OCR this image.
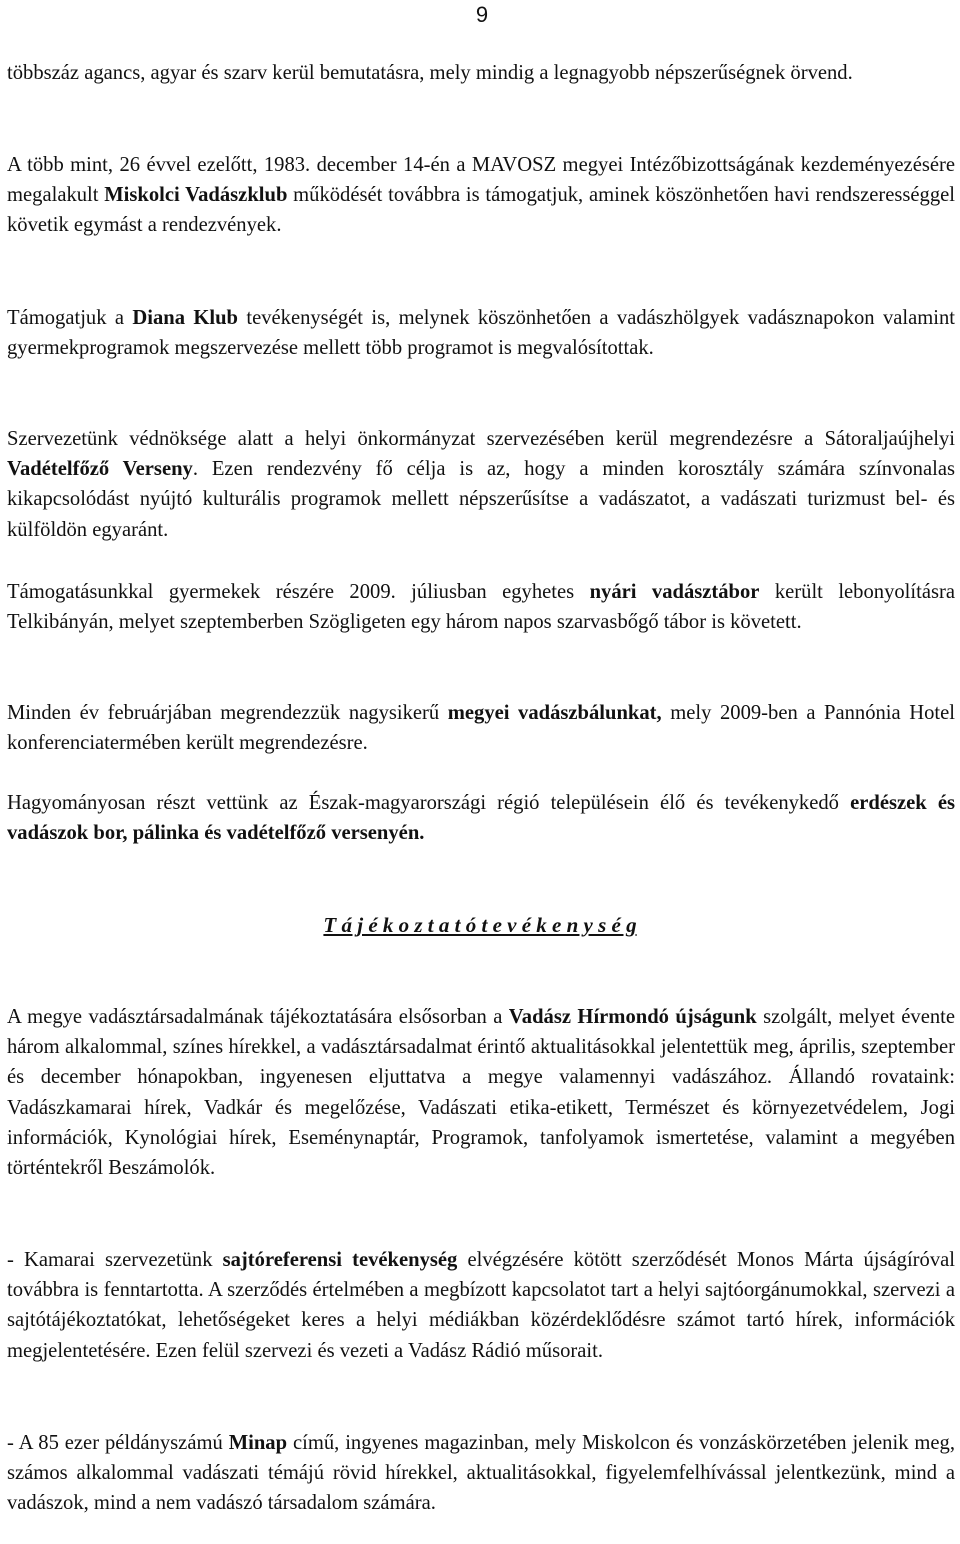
9

többszáz agancs, agyar és szarv kerül bemutatásra, mely mindig a legnagyobb népszerűségnek örvend.

A több mint, 26 évvel ezelőtt, 1983. december 14-én a MAVOSZ megyei Intézőbizottságának kezdeményezésére megalakult Miskolci Vadászklub működését továbbra is támogatjuk, aminek köszönhetően havi rendszerességgel követik egymást a rendezvények.

Támogatjuk a Diana Klub tevékenységét is, melynek köszönhetően a vadászhölgyek vadásznapokon valamint gyermekprogramok megszervezése mellett több programot is megvalósítottak.

Szervezetünk védnöksége alatt a helyi önkormányzat szervezésében kerül megrendezésre a Sátoraljaújhelyi Vadételfőző Verseny. Ezen rendezvény fő célja is az, hogy a minden korosztály számára színvonalas kikapcsolódást nyújtó kulturális programok mellett népszerűsítse a vadászatot, a vadászati turizmust bel- és külföldön egyaránt.

Támogatásunkkal gyermekek részére 2009. júliusban egyhetes nyári vadásztábor került lebonyolításra Telkibányán, melyet szeptemberben Szögligeten egy három napos szarvasbőgő tábor is követett.

Minden év februárjában megrendezzük nagysikerű megyei vadászbálunkat, mely 2009-ben a Pannónia Hotel konferenciatermében került megrendezésre.

Hagyományosan részt vettünk az Észak-magyarországi régió településein élő és tevékenykedő erdészek és vadászok bor, pálinka és vadételfőző versenyén.

T á j é k o z t a t ó t e v é k e n y s é g

A megye vadásztársadalmának tájékoztatására elsősorban a Vadász Hírmondó újságunk szolgált, melyet évente három alkalommal, színes hírekkel, a vadásztársadalmat érintő aktualitásokkal jelentettük meg, április, szeptember és december hónapokban, ingyenesen eljuttatva a megye valamennyi vadászához. Állandó rovataink: Vadászkamarai hírek, Vadkár és megelőzése, Vadászati etika-etikett, Természet és környezetvédelem, Jogi információk, Kynológiai hírek, Eseménynaptár, Programok, tanfolyamok ismertetése, valamint a megyében történtekről Beszámolók.

- Kamarai szervezetünk sajtóreferensi tevékenység elvégzésére kötött szerződését Monos Márta újságíróval továbbra is fenntartotta. A szerződés értelmében a megbízott kapcsolatot tart a helyi sajtóorgánumokkal, szervezi a sajtótájékoztatókat, lehetőségeket keres a helyi médiákban közérdeklődésre számot tartó hírek, információk megjelentetésére. Ezen felül szervezi és vezeti a Vadász Rádió műsorait.

- A 85 ezer példányszámú Minap című, ingyenes magazinban, mely Miskolcon és vonzáskörzetében jelenik meg, számos alkalommal vadászati témájú rövid hírekkel, aktualitásokkal, figyelemfelhívással jelentkezünk, mind a vadászok, mind a nem vadászó társadalom számára.
